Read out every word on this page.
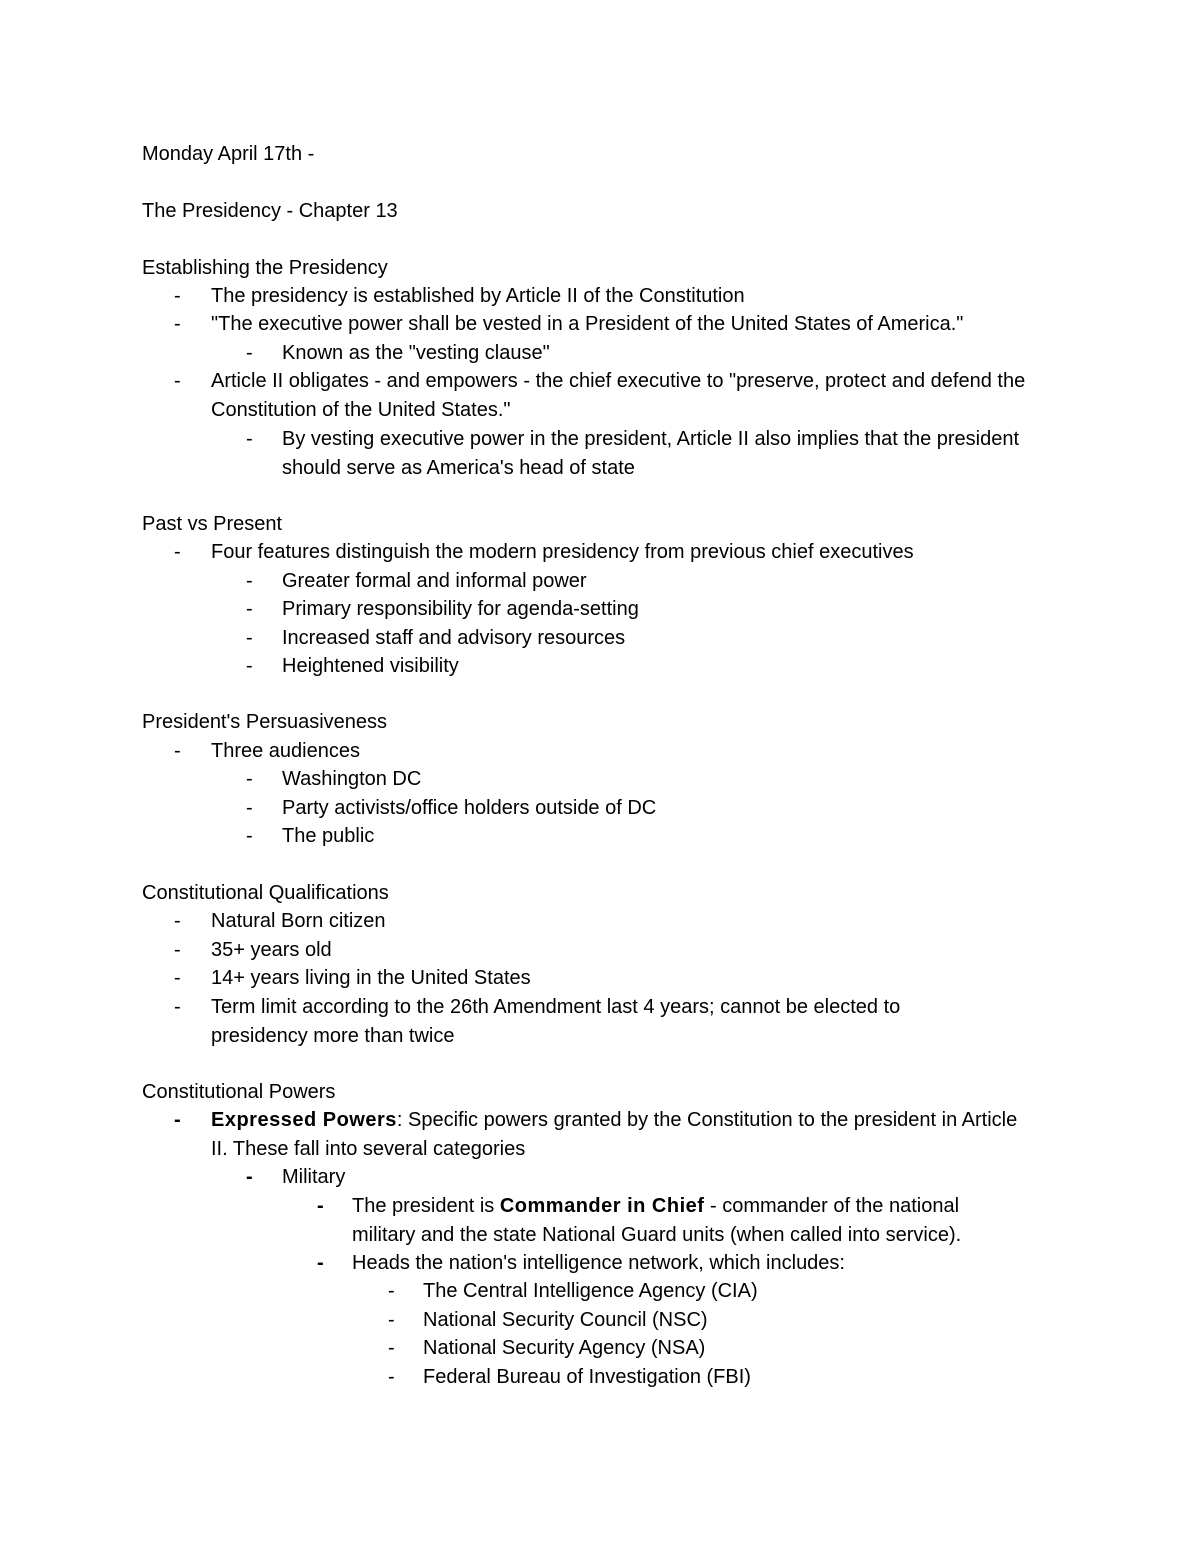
Monday April 17th -
The Presidency - Chapter 13
Establishing the Presidency
- The presidency is established by Article II of the Constitution
- "The executive power shall be vested in a President of the United States of America."
- Known as the "vesting clause"
- Article II obligates - and empowers - the chief executive to "preserve, protect and defend the Constitution of the United States."
- By vesting executive power in the president, Article II also implies that the president should serve as America's head of state
Past vs Present
- Four features distinguish the modern presidency from previous chief executives
- Greater formal and informal power
- Primary responsibility for agenda-setting
- Increased staff and advisory resources
- Heightened visibility
President's Persuasiveness
- Three audiences
- Washington DC
- Party activists/office holders outside of DC
- The public
Constitutional Qualifications
- Natural Born citizen
- 35+ years old
- 14+ years living in the United States
- Term limit according to the 26th Amendment last 4 years; cannot be elected to presidency more than twice
Constitutional Powers
- Expressed Powers: Specific powers granted by the Constitution to the president in Article II. These fall into several categories
- Military
- The president is Commander in Chief - commander of the national military and the state National Guard units (when called into service).
- Heads the nation's intelligence network, which includes:
- The Central Intelligence Agency (CIA)
- National Security Council (NSC)
- National Security Agency (NSA)
- Federal Bureau of Investigation (FBI)
